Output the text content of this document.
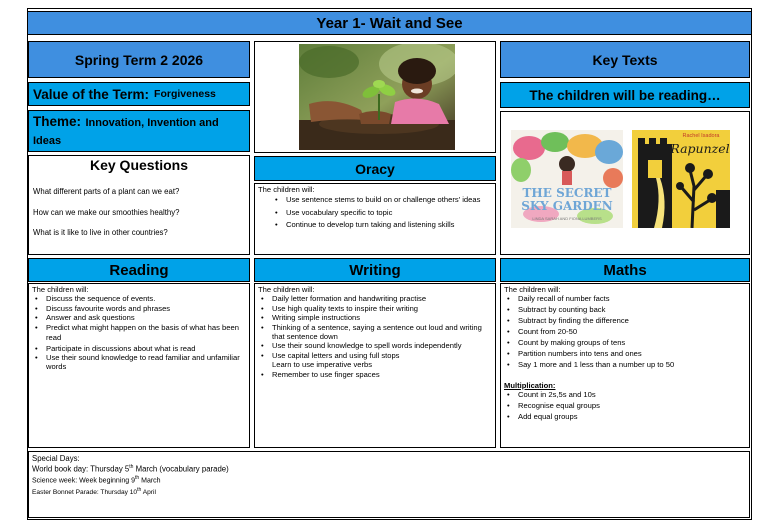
Year 1- Wait and See
Spring Term 2 2026
Value of the Term: Forgiveness
Theme: Innovation, Invention and Ideas
Key Questions
What different parts of a plant can we eat?
How can we make our smoothies healthy?
What is it like to live in other countries?
Oracy
The children will:
• Use sentence stems to build on or challenge others' ideas
• Use vocabulary specific to topic
• Continue to develop turn taking and listening skills
Key Texts
The children will be reading…
THE SECRET
SKY GARDEN
LINDA SARAH AND FIONA LUMBERS
Rachel Isadora
Rapunzel
Reading
The children will:
• Discuss the sequence of events.
• Discuss favourite words and phrases
• Answer and ask questions
• Predict what might happen on the basis of what has been read
• Participate in discussions about what is read
• Use their sound knowledge to read familiar and unfamiliar words
Writing
The children will:
• Daily letter formation and handwriting practise
• Use high quality texts to inspire their writing
• Writing simple instructions
• Thinking of a sentence, saying a sentence out loud and writing that sentence down
• Use their sound knowledge to spell words independently
• Use capital letters and using full stops
Learn to use imperative verbs
• Remember to use finger spaces
Maths
The children will:
• Daily recall of number facts
• Subtract by counting back
• Subtract by finding the difference
• Count from 20-50
• Count by making groups of tens
• Partition numbers into tens and ones
• Say 1 more and 1 less than a number up to 50
Multiplication:
• Count in 2s,5s and 10s
• Recognise equal groups
• Add equal groups
Special Days:
World book day: Thursday 5th March (vocabulary parade)
Science week: Week beginning 9th March
Easter Bonnet Parade: Thursday 10th April
